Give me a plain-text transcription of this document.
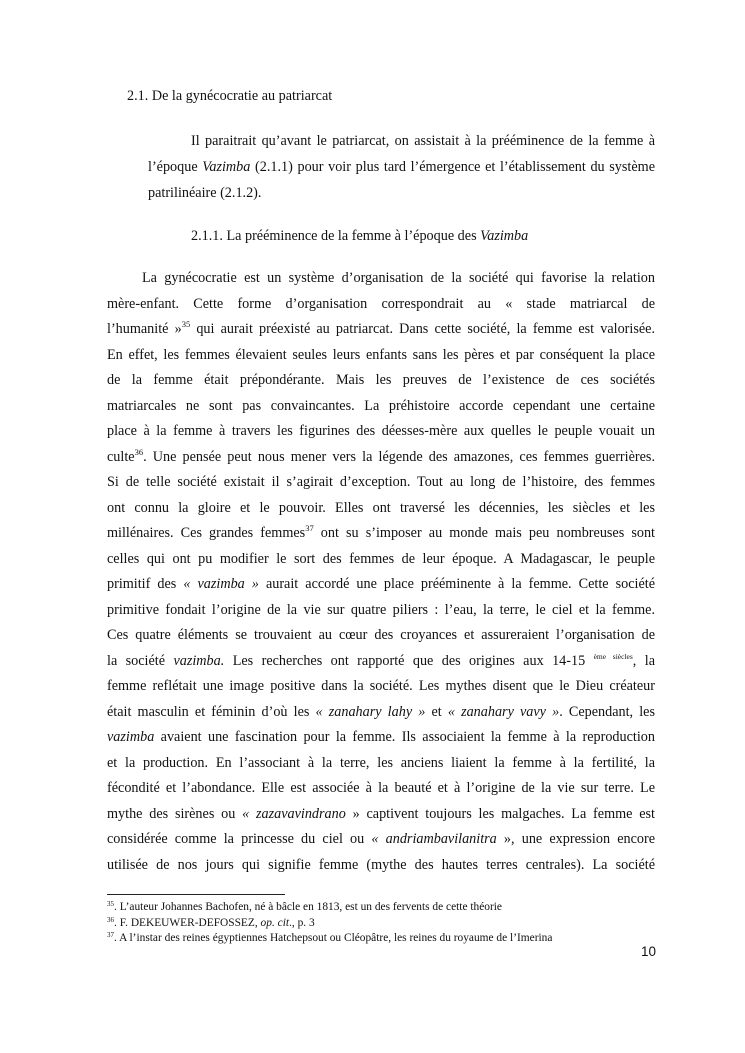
2.1. De la gynécocratie au patriarcat

Il paraitrait qu’avant le patriarcat, on assistait à la prééminence de la femme à l’époque Vazimba (2.1.1) pour voir plus tard l’émergence et l’établissement du système patrilinéaire (2.1.2).

2.1.1. La prééminence de la femme à l’époque des Vazimba
La gynécocratie est un système d’organisation de la société qui favorise la relation
mère-enfant. Cette forme d’organisation correspondrait au « stade matriarcal de
l’humanité »$^{35}$ qui aurait préexisté au patriarcat. Dans cette société, la femme est valorisée.
En effet, les femmes élevaient seules leurs enfants sans les pères et par conséquent la place
de la femme était prépondérante. Mais les preuves de l’existence de ces sociétés
matriarcales ne sont pas convaincantes. La préhistoire accorde cependant une certaine
place à la femme à travers les figurines des déesses-mère aux quelles le peuple vouait un
culte$^{36}$. Une pensée peut nous mener vers la légende des amazones, ces femmes guerrières.
Si de telle société existait il s’agirait d’exception. Tout au long de l’histoire, des femmes
ont connu la gloire et le pouvoir. Elles ont traversé les décennies, les siècles et les
millénaires. Ces grandes femmes$^{37}$ ont su s’imposer au monde mais peu nombreuses sont
celles qui ont pu modifier le sort des femmes de leur époque. A Madagascar, le peuple
primitif des « vazimba » aurait accordé une place prééminente à la femme. Cette société
primitive fondait l’origine de la vie sur quatre piliers : l’eau, la terre, le ciel et la femme.
Ces quatre éléments se trouvaient au cœur des croyances et assureraient l’organisation de
la société vazimba. Les recherches ont rapporté que des origines aux 14-15 $^{ème siècles}$, la
femme reflétait une image positive dans la société. Les mythes disent que le Dieu créateur
était masculin et féminin d’où les « zanahary lahy » et « zanahary vavy ». Cependant, les
vazimba avaient une fascination pour la femme. Ils associaient la femme à la reproduction
et la production. En l’associant à la terre, les anciens liaient la femme à la fertilité, la
fécondité et l’abondance. Elle est associée à la beauté et à l’origine de la vie sur terre. Le
mythe des sirènes ou « zazavavindrano » captivent toujours les malgaches. La femme est
considérée comme la princesse du ciel ou « andriambavilanitra », une expression encore
utilisée de nos jours qui signifie femme (mythe des hautes terres centrales). La société
$^{35}$. L’auteur Johannes Bachofen, né à bâcle en 1813, est un des fervents de cette théorie
$^{36}$. F. DEKEUWER-DEFOSSEZ, op. cit., p. 3
$^{37}$. A l’instar des reines égyptiennes Hatchepsout ou Cléopâtre, les reines du royaume de l’Imerina
10
